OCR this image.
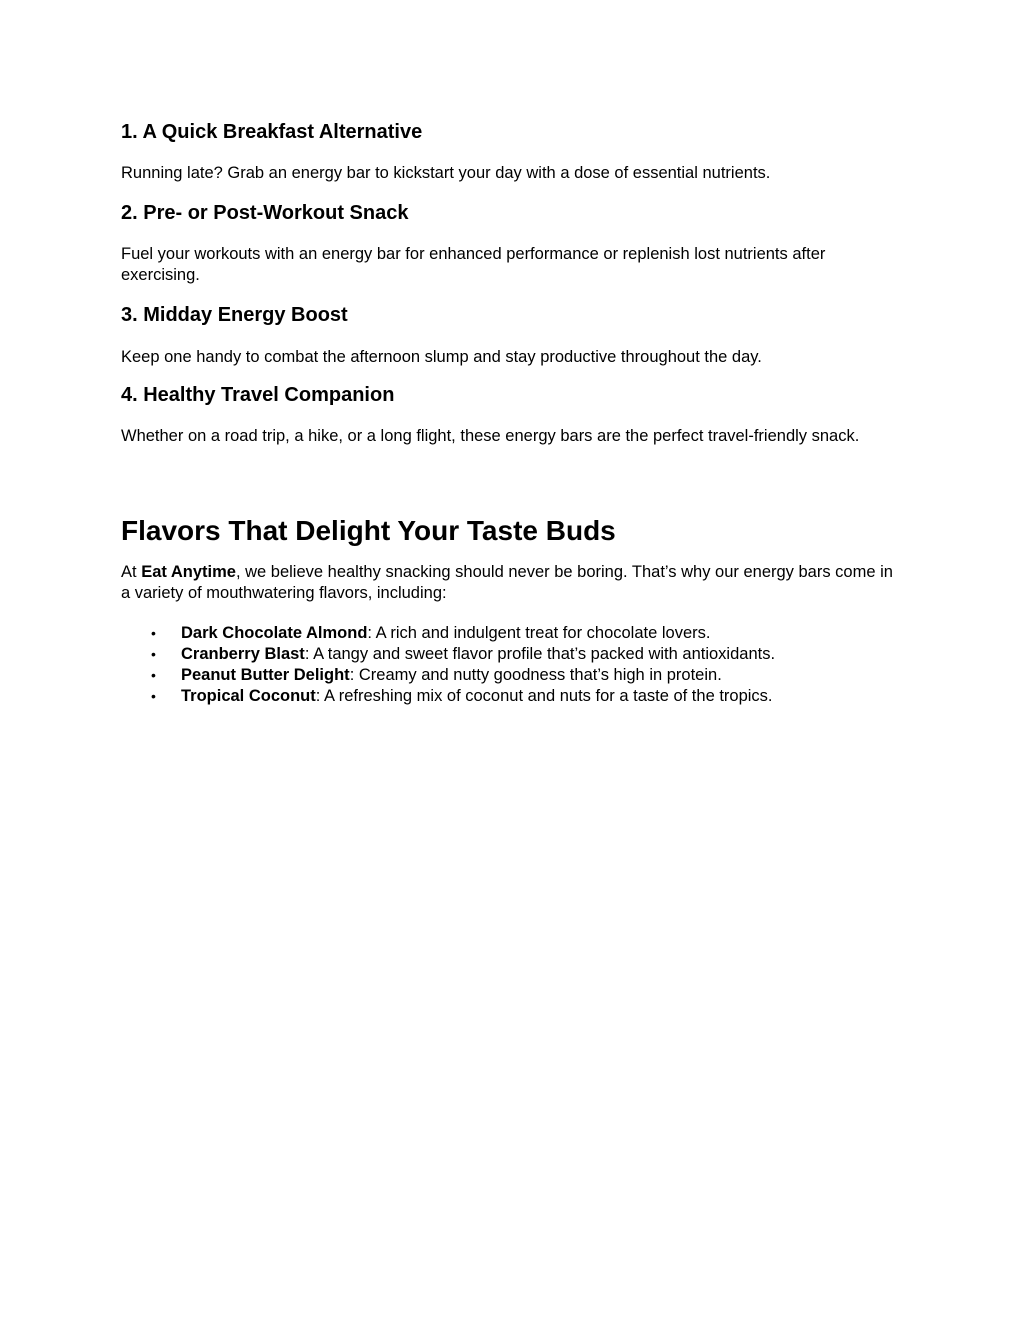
1. A Quick Breakfast Alternative

Running late? Grab an energy bar to kickstart your day with a dose of essential nutrients.

2. Pre- or Post-Workout Snack

Fuel your workouts with an energy bar for enhanced performance or replenish lost nutrients after exercising.

3. Midday Energy Boost

Keep one handy to combat the afternoon slump and stay productive throughout the day.

4. Healthy Travel Companion

Whether on a road trip, a hike, or a long flight, these energy bars are the perfect travel-friendly snack.

Flavors That Delight Your Taste Buds

At Eat Anytime, we believe healthy snacking should never be boring. That’s why our energy bars come in a variety of mouthwatering flavors, including:

• Dark Chocolate Almond: A rich and indulgent treat for chocolate lovers.
• Cranberry Blast: A tangy and sweet flavor profile that’s packed with antioxidants.
• Peanut Butter Delight: Creamy and nutty goodness that’s high in protein.
• Tropical Coconut: A refreshing mix of coconut and nuts for a taste of the tropics.
